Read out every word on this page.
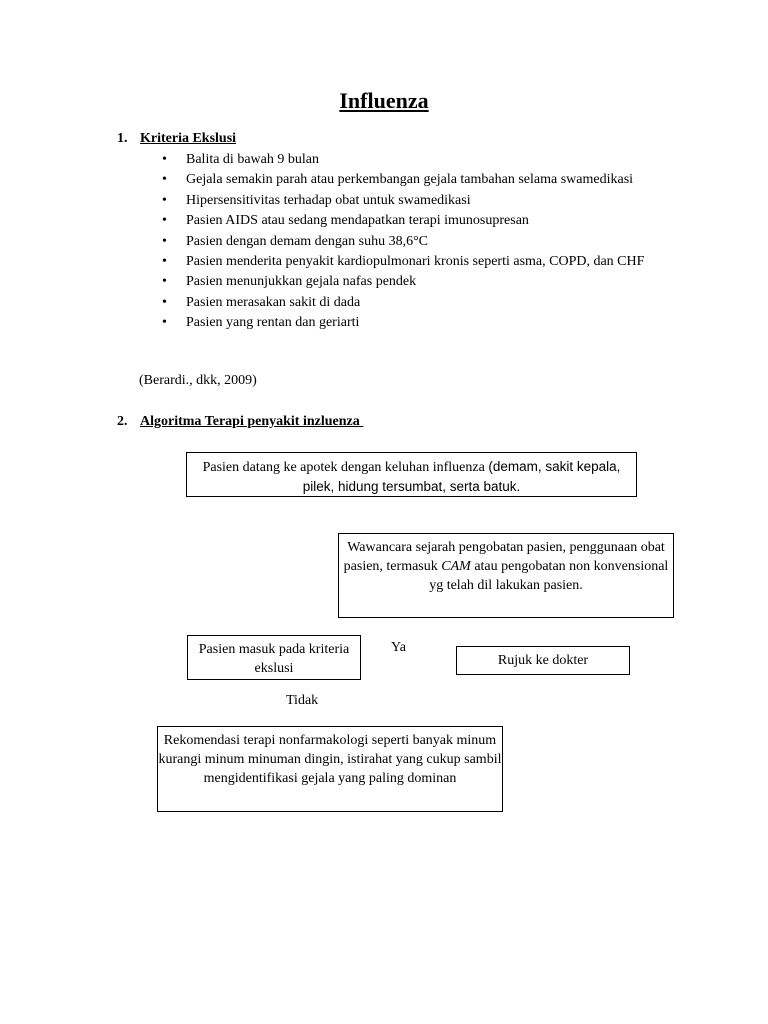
Influenza
1. Kriteria Ekslusi
• Balita di bawah 9 bulan
• Gejala semakin parah atau perkembangan gejala tambahan selama swamedikasi
• Hipersensitivitas terhadap obat untuk swamedikasi
• Pasien AIDS atau sedang mendapatkan terapi imunosupresan
• Pasien dengan demam dengan suhu 38,6°C
• Pasien menderita penyakit kardiopulmonari kronis seperti asma, COPD, dan CHF
• Pasien menunjukkan gejala nafas pendek
• Pasien merasakan sakit di dada
• Pasien yang rentan dan geriarti
(Berardi., dkk, 2009)
2. Algoritma Terapi penyakit inzluenza
Pasien datang ke apotek dengan keluhan influenza (demam, sakit kepala, pilek, hidung tersumbat, serta batuk.
Wawancara sejarah pengobatan pasien, penggunaan obat pasien, termasuk CAM atau pengobatan non konvensional yg telah dil lakukan pasien.
Pasien masuk pada kriteria ekslusi
Ya
Rujuk ke dokter
Tidak
Rekomendasi terapi nonfarmakologi seperti banyak minum kurangi minum minuman dingin, istirahat yang cukup sambil mengidentifikasi gejala yang paling dominan
